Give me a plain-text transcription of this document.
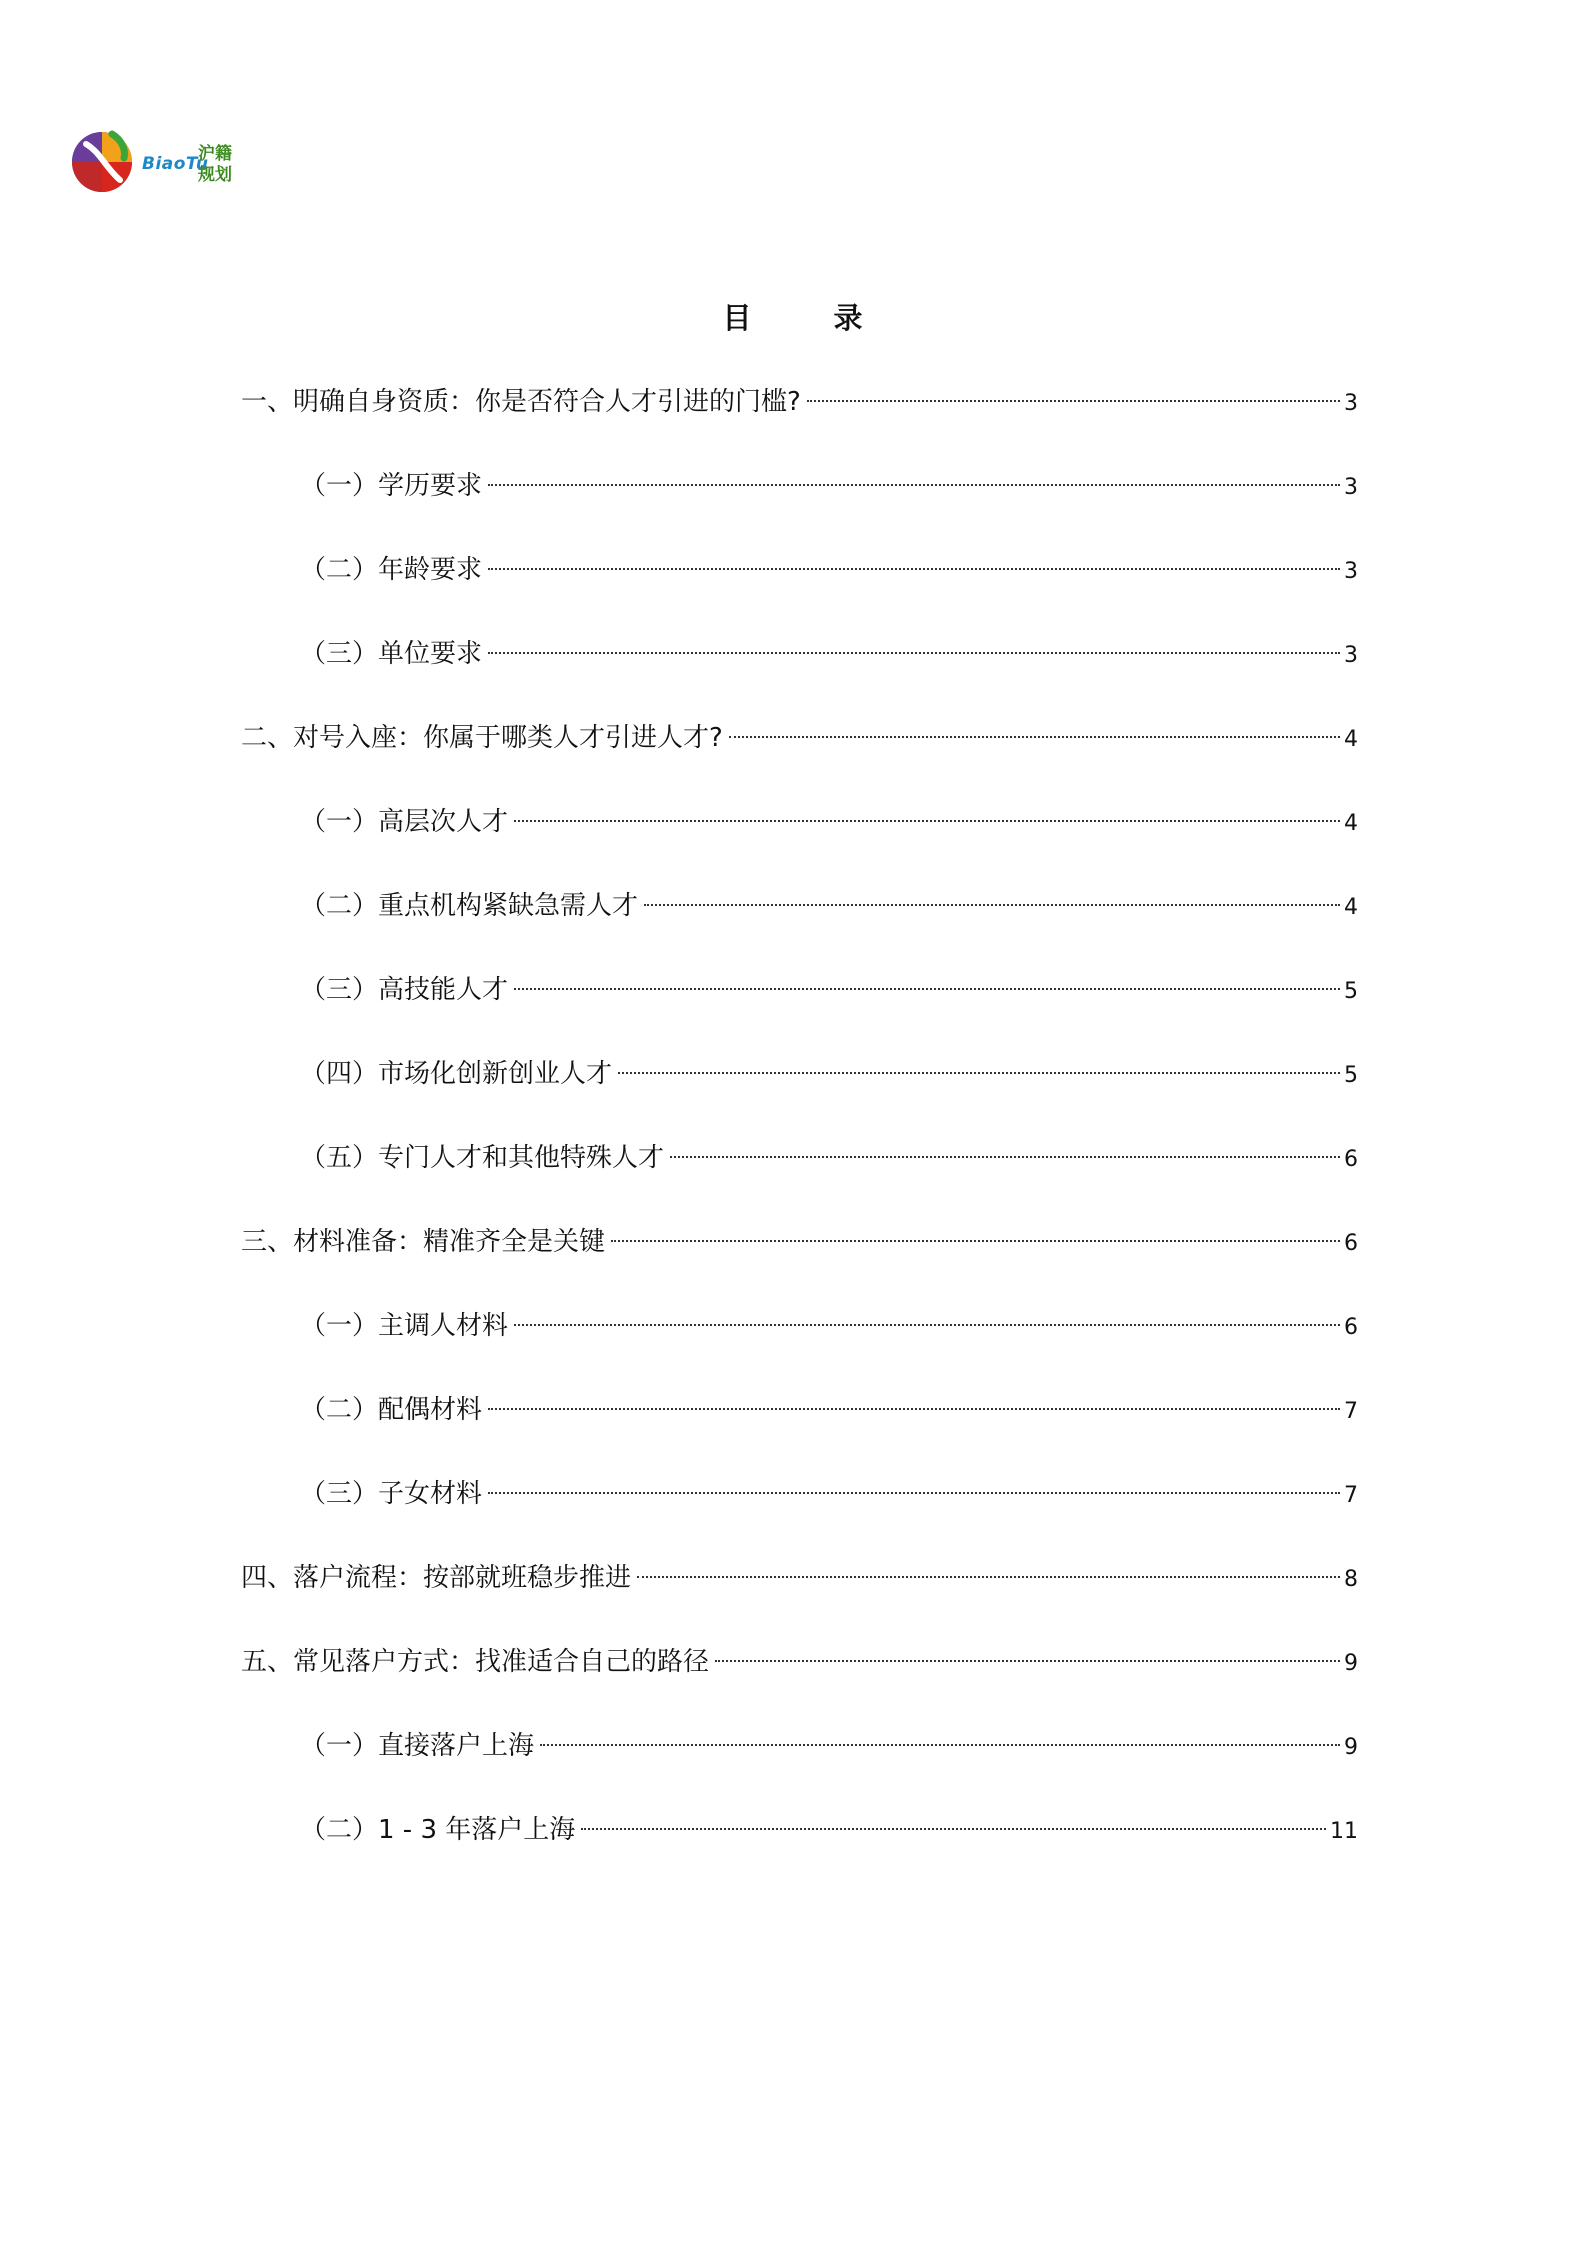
BiaoTu
沪籍规划
目	录
一、明确自身资质：你是否符合人才引进的门槛?	3
（一）学历要求	3
（二）年龄要求	3
（三）单位要求	3
二、对号入座：你属于哪类人才引进人才?	4
（一）高层次人才	4
（二）重点机构紧缺急需人才	4
（三）高技能人才	5
（四）市场化创新创业人才	5
（五）专门人才和其他特殊人才	6
三、材料准备：精准齐全是关键	6
（一）主调人材料	6
（二）配偶材料	7
（三）子女材料	7
四、落户流程：按部就班稳步推进	8
五、常见落户方式：找准适合自己的路径	9
（一）直接落户上海	9
（二）1 - 3 年落户上海	11
